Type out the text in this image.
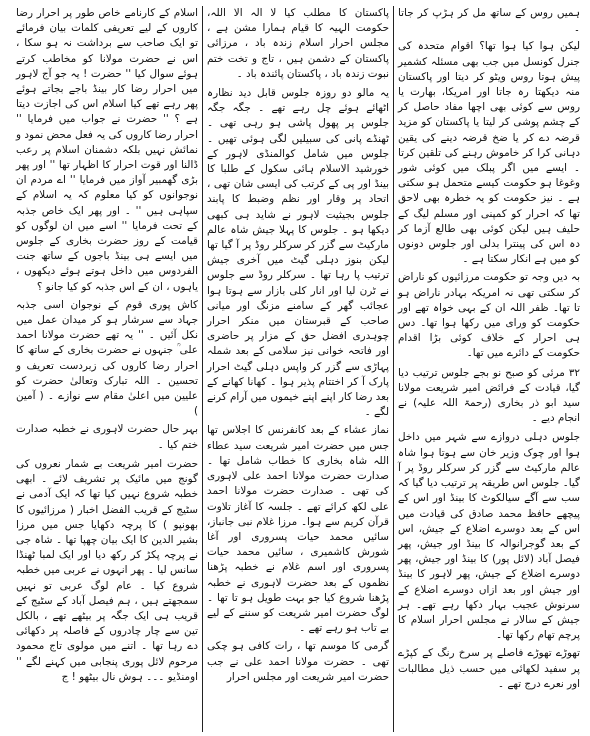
ہمیں روس کے ساتھ مل کر ہڑپ کر جاتا ۔

لیکن ہوا کیا ہوا تھا؟ اقوام متحدہ کی جنرل کونسل میں جب بھی مسئلہ کشمیر پیش ہوتا روس ویٹو کر دیتا اور پاکستان منہ دیکھتا رہ جاتا اور امریکا، بھارت یا روس سے کوئی بھی اچھا مفاد حاصل کر کے چشم پوشی کر لیتا یا پاکستان کو مزید قرضہ دے کر یا ضخ قرضہ دینے کی یقین دہانی کرا کر خاموش رہنے کی تلقین کرتا ۔ ایسے میں اگر پبلک میں کوئی شور وغوغا ہو حکومت کیسے متحمل ہو سکتی ہے ۔ نیز حکومت کو یہ خطرہ بھی لاحق تھا کہ احرار کو کمپنی اور مسلم لیگ کے حلیف ہیں لیکن کوئی بھی طالع آزما کر دہ اس کی پینترا بدلی اور جلوس دونوں کو میں ہے انکار سکتا ہے ۔

بہ دیں وجہ تو حکومت مرزائیوں کو ناراض کر سکتی تھی نہ امریکہ بہادر ناراض ہو تا تھا۔ ظفر اللہ ان کے بہی خواہ تھے اور حکومت کو ورای میں رکھا ہوا تھا۔ دس ہی احرار کے خلاف کوئی بڑا اقدام حکومت کے دائرے میں تھا۔

۳۲ مرئی کو صبح نو بجے جلوس ترتیب دیا گیا، قیادت کے فرائض امیر شریعت مولانا سید ابو ذر بخاری (رحمۃ اللہ علیہ) نے انجام دیے ۔

جلوس دہلی دروازے سے شہر میں داخل ہوا اور چوک وزیر خان سے ہوتا ہوا شاہ عالم مارکیٹ سے گزر کر سرکلر روڈ پر آ گیا۔ جلوس اس طریقہ پر ترتیب دیا گیا کہ سب سے آگے سیالکوٹ کا بینڈ اور اس کے پیچھے حافظ محمد صادق کی قیادت میں اس کے بعد دوسرے اضلاع کے جیش، اس کے بعد گوجرانوالہ کا بینڈ اور جیش، پھر فیصل آباد (لائل پور) کا بینڈ اور جیش، پھر دوسرے اضلاع کے جیش، پھر لاہور کا بینڈ اور جیش اور بعد ازاں دوسرے اضلاع کے سرنوش عجیب بہار دکھا رہے تھے۔ ہر جیش کے سالار نے مجلس احرار اسلام کا پرچم تھام رکھا تھا۔

تھوڑے تھوڑے فاصلے پر سرخ رنگ کے کپڑے پر سفید لکھائی میں حسب ذیل مطالبات اور نعرے درج تھے ۔

پاکستان کا مطلب کیا لا الہ الا اللہ، حکومت الہیہ کا قیام ہمارا مشن ہے ، مجلس احرار اسلام زندہ باد ، مرزائی پاکستان کے دشمن ہیں ، تاج و تخت ختم نبوت زندہ باد ، پاکستان پائندہ باد ۔

یہ مالو دو روزہ جلوس قابل دید نظارہ اٹھائے ہوئے چل رہے تھے ۔ جگہ جگہ جلوس پر پھول پاشی ہو رہی تھی ۔ ٹھنڈے پانی کی سبیلیں لگی ہوئی تھیں ۔ جلوس میں شامل کوالمنڈی لاہور کے خورشید الاسلام ہائی سکول کے طلبا کا بینڈ اور پی کے کرتب کی ایسی شان تھی ، اتحاد پر وقار اور نظم وضبط کا پابند جلوس بجیثیت لاہور نے شاید ہی کبھی دیکھا ہو ۔ جلوس کا پہلا جیش شاہ عالم مارکیٹ سے گزر کر سرکلر روڈ پر آ گیا تھا لیکن بنوز دہلی گیٹ میں آخری جیش ترتیب پا رہا تھا ۔ سرکلر روڈ سے جلوس نے ٹرن لیا اور انار کلی بازار سے ہوتا ہوا عجائب گھر کے سامنے مزنگ اور میانی صاحب کے قبرستان میں منکر احرار چوہدری افضل حق کے مزار پر حاضری اور فاتحہ خوانی نیز سلامی کے بعد شملہ پہاڑی سے گزر کر واپس دہلی گیٹ احرار پارک آ کر اختتام پذیر ہوا ۔ کھانا کھانے کے بعد رضا کار اپنے اپنے خیموں میں آرام کرنے لگے ۔

نماز عشاء کے بعد کانفرنس کا اجلاس تھا جس میں حضرت امیر شریعت سید عطاء اللہ شاہ بخاری کا خطاب شامل تھا ۔ صدارت حضرت مولانا احمد علی لاہوری کی تھی ۔ صدارت حضرت مولانا احمد علی لکھ کرائے تھے ۔ جلسہ کا آغاز تلاوت قرآن کریم سے ہوا۔ مرزا غلام نبی جانباز، سائیں محمد حیات پسروری اور آغا شورش کاشمیری ، سائیں محمد حیات پسروری اور اسم غلام نے خطبہ پڑھنا نظموں کے بعد حضرت لاہوری نے خطبہ پڑھنا شروع کیا جو بہت طویل ہو تا تھا ۔ لوگ حضرت امیر شریعت کو سننے کے لیے بے تاب ہو رہے تھے ۔

گرمی کا موسم تھا ، رات کافی ہو چکی تھی ۔ حضرت مولانا احمد علی نے جب حضرت امیر شریعت اور مجلس احرار

اسلام کے کارنامے خاص طور پر احرار رضا کاروں کے لیے تعریفی کلمات بیان فرمائے تو ایک صاحب سے برداشت نہ ہو سکا ، اس نے حضرت مولانا کو مخاطب کرتے ہوئے سوال کیا '' حضرت ! یہ جو آج لاہور میں احرار رضا کار بینڈ باجے بجاتے ہوئے پھر رہے تھے کیا اسلام اس کی اجازت دیتا ہے ؟ '' حضرت نے جواب میں فرمایا '' احرار رضا کاروں کی یہ فعل محض نمود و نمائش نہیں بلکہ دشمنان اسلام پر رعب ڈالنا اور قوت احرار کا اظہار تھا '' اور پھر بڑی گھمبیر آواز میں فرمایا '' اے مردم ان نوجوانوں کو کیا معلوم کہ یہ اسلام کے سپاہی ہیں '' ۔ اور پھر ایک خاص جذبہ کے تحت فرمایا '' اسے میں ان لوگوں کو قیامت کے روز حضرت بخاری کے جلوس میں ایسے ہی بینڈ باجوں کے ساتھ جنت الفردوس میں داخل ہوتے ہوئے دیکھوں ، یاہوں ، ان کے اس جذبہ کو کیا جانو ؟

کاش پوری قوم کے نوجوان اسی جذبہ جہاد سے سرشار ہو کر میدان عمل میں نکل آئیں ۔ '' یہ تھے حضرت مولانا احمد علی ؒ جنہوں نے حضرت بخاری کے ساتھ کا احرار رضا کاروں کی زبردست تعریف و تحسین ۔ اللہ تبارک وتعالیٰ حضرت کو علیین میں اعلیٰ مقام سے نوازے ۔ ( آمین )

بہر حال حضرت لاہوری نے خطبہ صدارت ختم کیا ۔

حضرت امیر شریعت بے شمار نعروں کی گونج میں مائیک پر تشریف لائے ۔ ابھی خطبہ شروع نہیں کیا تھا کہ ایک آدمی نے سٹیج کے قریب الفضل اخبار ( مرزائیوں کا بھونپو ) کا پرچہ دکھایا جس میں مرزا بشیر الدین کا ایک بیان چھپا تھا ۔ شاہ جی نے پرچہ پکڑ کر رکھ دیا اور ایک لمبا ٹھنڈا سانس لیا ۔ پھر انہوں نے عربی میں خطبہ شروع کیا ۔ عام لوگ عربی تو نہیں سمجھتے ہیں ، ہم فیصل آباد کے سٹیج کے قریب ہی ایک جگہ پر بیٹھے تھے ، بالکل تین سے چار چادروں کے فاصلہ پر دکھائی دے رہا تھا ۔ اتنے میں مولوی تاج محمود مرحوم لائل پوری پنجابی میں کہنے لگے '' اومنڈیو ۔۔۔ ہوش نال بیٹھو ! ج
